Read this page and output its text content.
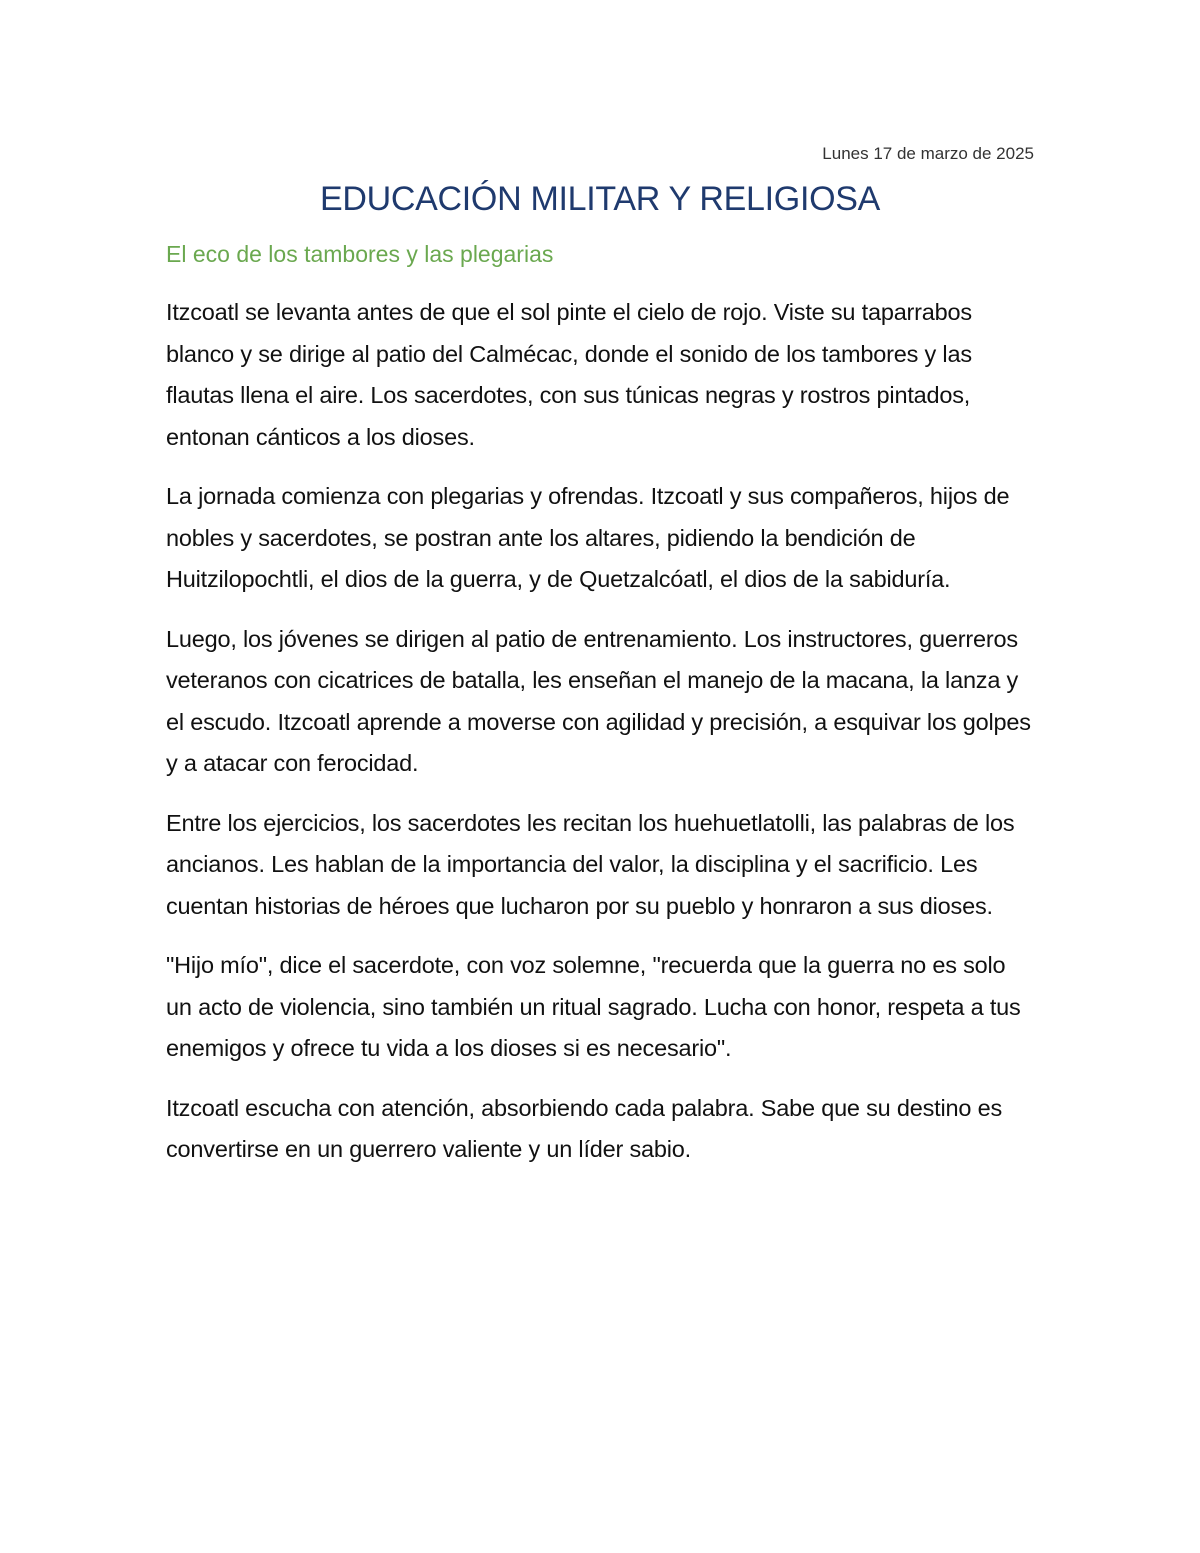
Lunes 17 de marzo de 2025

EDUCACIÓN MILITAR Y RELIGIOSA
El eco de los tambores y las plegarias

Itzcoatl se levanta antes de que el sol pinte el cielo de rojo. Viste su taparrabos blanco y se dirige al patio del Calmécac, donde el sonido de los tambores y las flautas llena el aire. Los sacerdotes, con sus túnicas negras y rostros pintados, entonan cánticos a los dioses.

La jornada comienza con plegarias y ofrendas. Itzcoatl y sus compañeros, hijos de nobles y sacerdotes, se postran ante los altares, pidiendo la bendición de Huitzilopochtli, el dios de la guerra, y de Quetzalcóatl, el dios de la sabiduría.

Luego, los jóvenes se dirigen al patio de entrenamiento. Los instructores, guerreros veteranos con cicatrices de batalla, les enseñan el manejo de la macana, la lanza y el escudo. Itzcoatl aprende a moverse con agilidad y precisión, a esquivar los golpes y a atacar con ferocidad.

Entre los ejercicios, los sacerdotes les recitan los huehuetlatolli, las palabras de los ancianos. Les hablan de la importancia del valor, la disciplina y el sacrificio. Les cuentan historias de héroes que lucharon por su pueblo y honraron a sus dioses.

"Hijo mío", dice el sacerdote, con voz solemne, "recuerda que la guerra no es solo un acto de violencia, sino también un ritual sagrado. Lucha con honor, respeta a tus enemigos y ofrece tu vida a los dioses si es necesario".

Itzcoatl escucha con atención, absorbiendo cada palabra. Sabe que su destino es convertirse en un guerrero valiente y un líder sabio.
